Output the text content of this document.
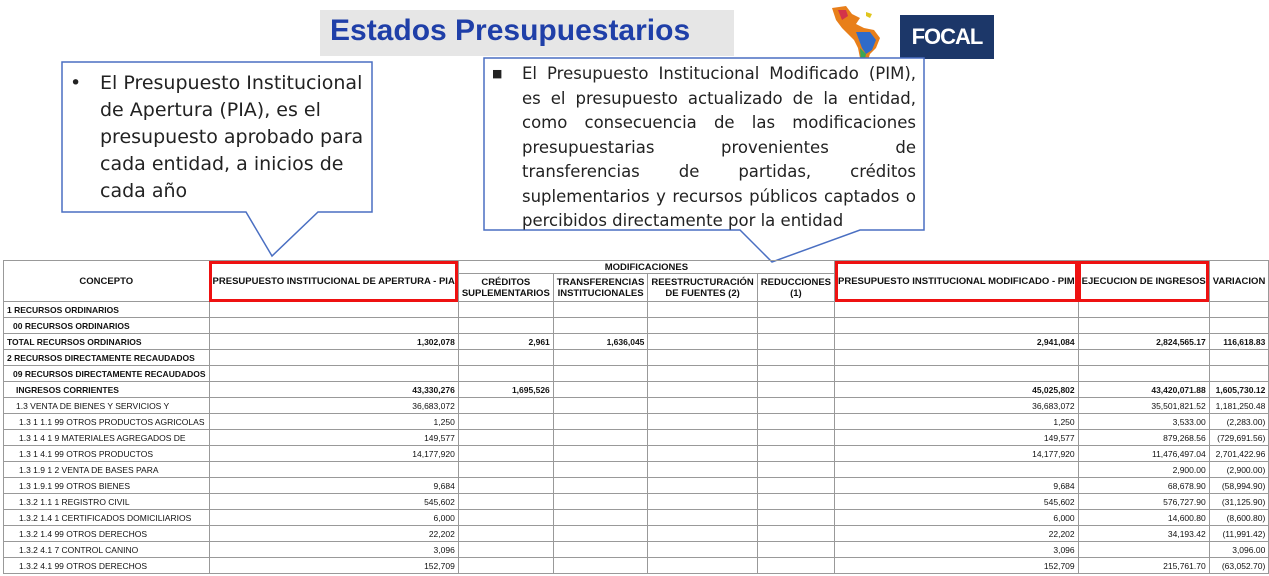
Estados Presupuestarios	FOCAL
• El Presupuesto Institucional de Apertura (PIA), es el presupuesto aprobado para cada entidad, a inicios de cada año
■	El Presupuesto Institucional Modificado (PIM), es el presupuesto actualizado de la entidad, como consecuencia de las modificaciones presupuestarias provenientes de transferencias de partidas, créditos suplementarios y recursos públicos captados o percibidos directamente por la entidad
CONCEPTO	PRESUPUESTO INSTITUCIONAL DE APERTURA - PIA	MODIFICACIONES				PRESUPUESTO INSTITUCIONAL MODIFICADO - PIM	EJECUCION DE INGRESOS	VARIACION
		CRÉDITOS SUPLEMENTARIOS	TRANSFERENCIAS INSTITUCIONALES	REESTRUCTURACIÓN DE FUENTES (2)	REDUCCIONES (1)			
1 RECURSOS ORDINARIOS								
00 RECURSOS ORDINARIOS								
TOTAL RECURSOS ORDINARIOS	1,302,078	2,961	1,636,045			2,941,084	2,824,565.17	116,618.83
2 RECURSOS DIRECTAMENTE RECAUDADOS								
09 RECURSOS DIRECTAMENTE RECAUDADOS								
INGRESOS CORRIENTES	43,330,276	1,695,526				45,025,802	43,420,071.88	1,605,730.12
1.3 VENTA DE BIENES Y SERVICIOS Y	36,683,072					36,683,072	35,501,821.52	1,181,250.48
1.3 1 1.1 99 OTROS PRODUCTOS AGRICOLAS	1,250					1,250	3,533.00	(2,283.00)
1.3 1 4 1 9 MATERIALES AGREGADOS DE	149,577					149,577	879,268.56	(729,691.56)
1.3 1 4.1 99 OTROS PRODUCTOS	14,177,920					14,177,920	11,476,497.04	2,701,422.96
1.3 1.9 1 2 VENTA DE BASES PARA							2,900.00	(2,900.00)
1.3 1.9.1 99 OTROS BIENES	9,684					9,684	68,678.90	(58,994.90)
1.3.2 1.1 1 REGISTRO CIVIL	545,602					545,602	576,727.90	(31,125.90)
1.3.2 1.4 1 CERTIFICADOS DOMICILIARIOS	6,000					6,000	14,600.80	(8,600.80)
1.3.2 1.4 99 OTROS DERECHOS	22,202					22,202	34,193.42	(11,991.42)
1.3.2 4.1 7 CONTROL CANINO	3,096					3,096		3,096.00
1.3.2 4.1 99 OTROS DERECHOS	152,709					152,709	215,761.70	(63,052.70)
